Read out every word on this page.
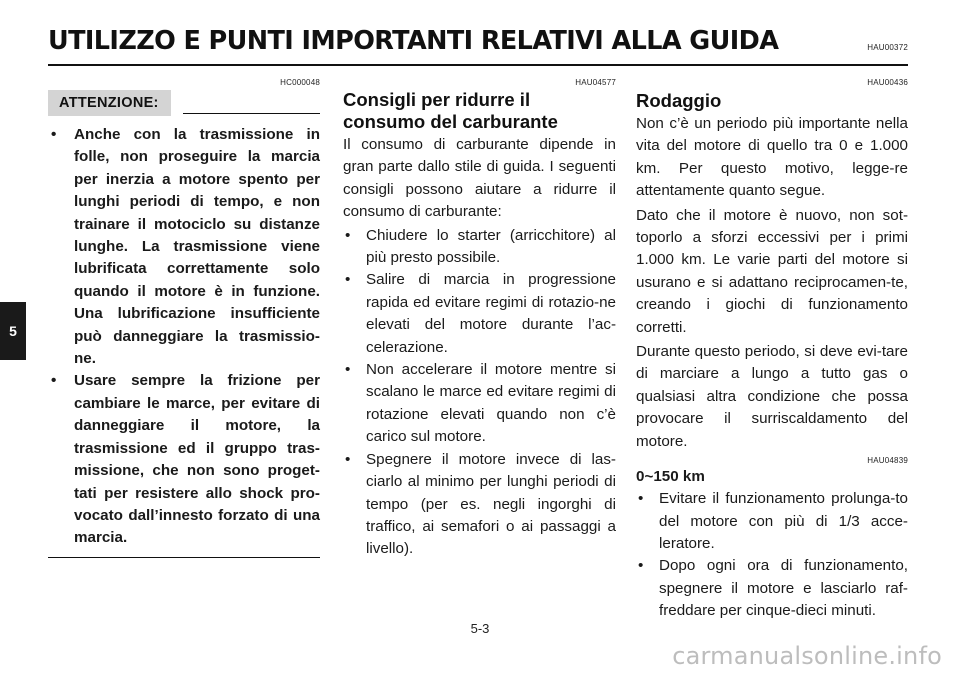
UTILIZZO E PUNTI IMPORTANTI RELATIVI ALLA GUIDA	HAU00372
5
HC000048
ATTENZIONE:
• Anche con la trasmissione in folle, non proseguire la marcia per inerzia a motore spento per lunghi periodi di tempo, e non trainare il motociclo su distanze lunghe. La trasmissione viene lubrificata correttamente solo quando il motore è in funzione. Una lubrificazione insufficiente può danneggiare la trasmissio-ne.
• Usare sempre la frizione per cambiare le marce, per evitare di danneggiare il motore, la trasmissione ed il gruppo tras-missione, che non sono proget-tati per resistere allo shock pro-vocato dall’innesto forzato di una marcia.
HAU04577
Consigli per ridurre il consumo del carburante

Il consumo di carburante dipende in gran parte dallo stile di guida. I seguenti consigli possono aiutare a ridurre il consumo di carburante:

• Chiudere lo starter (arricchitore) al più presto possibile.
• Salire di marcia in progressione rapida ed evitare regimi di rotazio-ne elevati del motore durante l’ac-celerazione.
• Non accelerare il motore mentre si scalano le marce ed evitare regimi di rotazione elevati quando non c’è carico sul motore.
• Spegnere il motore invece di las-ciarlo al minimo per lunghi periodi di tempo (per es. negli ingorghi di traffico, ai semafori o ai passaggi a livello).
HAU00436
Rodaggio

Non c’è un periodo più importante nella vita del motore di quello tra 0 e 1.000 km. Per questo motivo, legge-re attentamente quanto segue.

Dato che il motore è nuovo, non sot-toporlo a sforzi eccessivi per i primi 1.000 km. Le varie parti del motore si usurano e si adattano reciprocamen-te, creando i giochi di funzionamento corretti.

Durante questo periodo, si deve evi-tare di marciare a lungo a tutto gas o qualsiasi altra condizione che possa provocare il surriscaldamento del motore.

HAU04839
0~150 km
• Evitare il funzionamento prolunga-to del motore con più di 1/3 acce-leratore.
• Dopo ogni ora di funzionamento, spegnere il motore e lasciarlo raf-freddare per cinque-dieci minuti.
5-3
carmanualsonline.info
